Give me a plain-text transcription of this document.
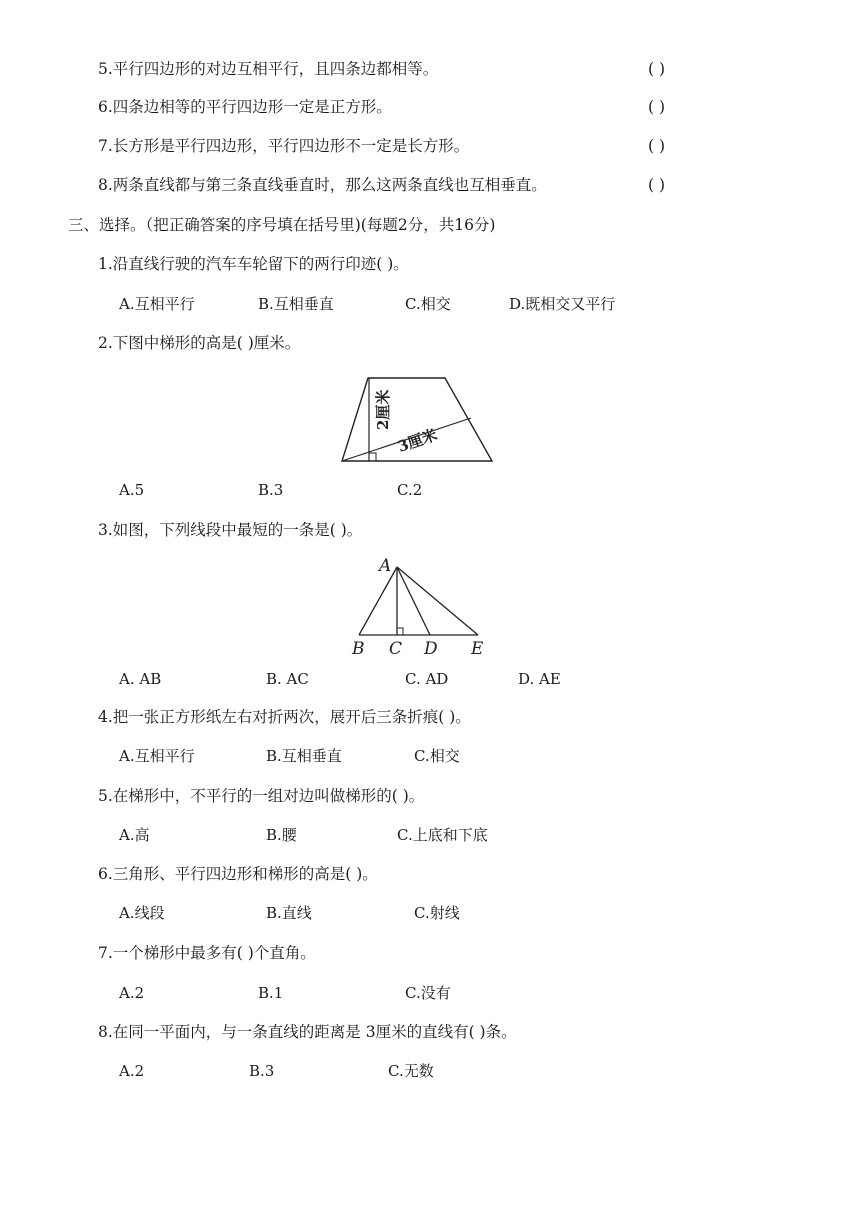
5.平行四边形的对边互相平行，且四条边都相等。	( )
6.四条边相等的平行四边形一定是正方形。	( )
7.长方形是平行四边形，平行四边形不一定是长方形。	( )
8.两条直线都与第三条直线垂直时，那么这两条直线也互相垂直。	( )
三、选择。（把正确答案的序号填在括号里)(每题2分，共16分)
1.沿直线行驶的汽车车轮留下的两行印迹( )。
A.互相平行	B.互相垂直	C.相交	D.既相交又平行
2.下图中梯形的高是( )厘米。
2厘米
3厘米
A.5	B.3	C.2
3.如图，下列线段中最短的一条是( )。
A
B C D E
A. AB	B. AC	C. AD	D. AE
4.把一张正方形纸左右对折两次，展开后三条折痕( )。
A.互相平行	B.互相垂直	C.相交
5.在梯形中，不平行的一组对边叫做梯形的( )。
A.高	B.腰	C.上底和下底
6.三角形、平行四边形和梯形的高是( )。
A.线段	B.直线	C.射线
7.一个梯形中最多有( )个直角。
A.2	B.1	C.没有
8.在同一平面内，与一条直线的距离是 3厘米的直线有( )条。
A.2	B.3	C.无数
